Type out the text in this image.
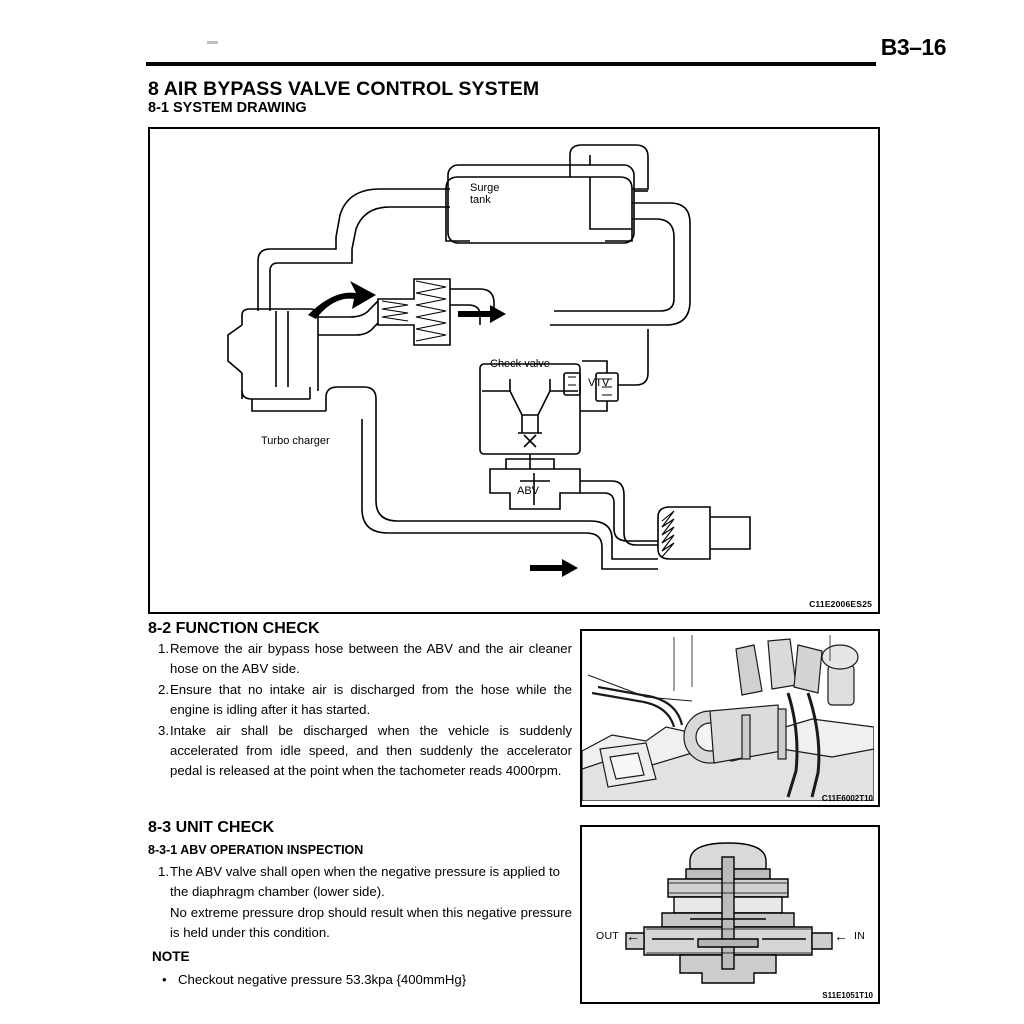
B3–16
8 AIR BYPASS VALVE CONTROL SYSTEM
8-1 SYSTEM DRAWING
Surge
tank
Check valve
VTV
Turbo charger
ABV
C11E2006ES25
8-2 FUNCTION CHECK
1. Remove the air bypass hose between the ABV and the air cleaner hose on the ABV side.
2. Ensure that no intake air is discharged from the hose while the engine is idling after it has started.
3. Intake air shall be discharged when the vehicle is suddenly accelerated from idle speed, and then suddenly the accelerator pedal is released at the point when the tachometer reads 4000rpm.
C11E6002T10
8-3 UNIT CHECK
8-3-1 ABV OPERATION INSPECTION
1. The ABV valve shall open when the negative pressure is applied to the diaphragm chamber (lower side).
No extreme pressure drop should result when this negative pressure is held under this condition.
NOTE
• Checkout negative pressure 53.3kpa {400mmHg}
OUT ←	← IN
S11E1051T10
